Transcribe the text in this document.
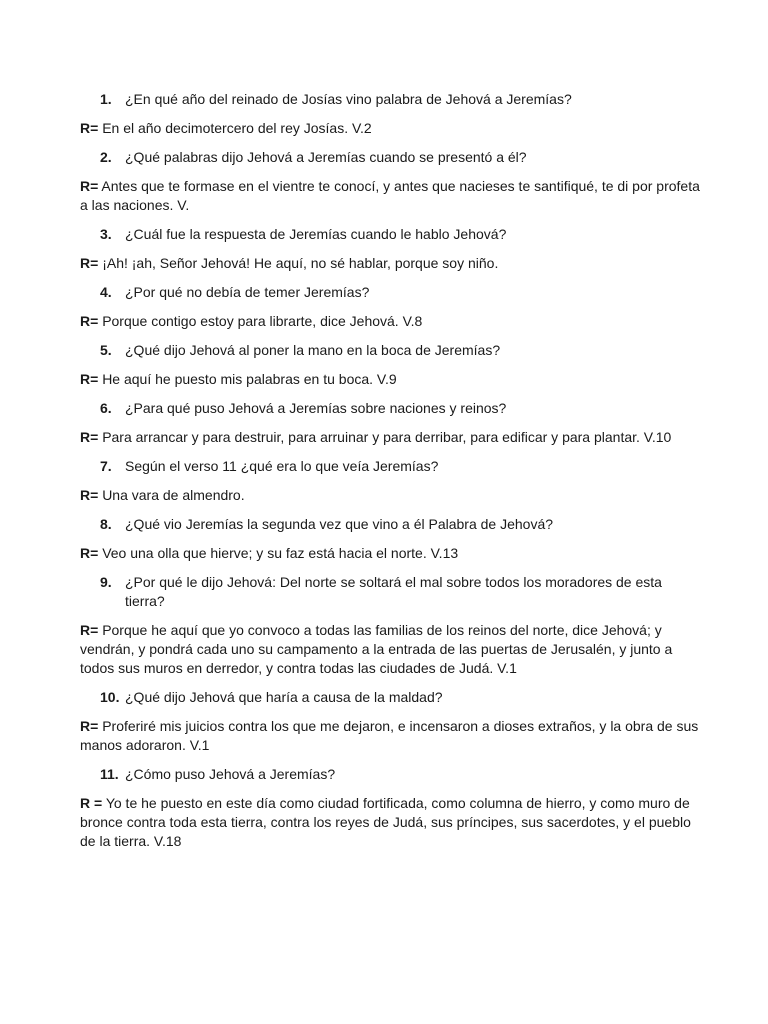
1. ¿En qué año del reinado de Josías vino palabra de Jehová a Jeremías?
R= En el año decimotercero del rey Josías. V.2
2. ¿Qué palabras dijo Jehová a Jeremías cuando se presentó a él?
R= Antes que te formase en el vientre te conocí, y antes que nacieses te santifiqué, te di por profeta a las naciones. V.
3. ¿Cuál fue la respuesta de Jeremías cuando le hablo Jehová?
R= ¡Ah! ¡ah, Señor Jehová! He aquí, no sé hablar, porque soy niño.
4. ¿Por qué no debía de temer Jeremías?
R= Porque contigo estoy para librarte, dice Jehová. V.8
5. ¿Qué dijo Jehová al poner la mano en la boca de Jeremías?
R= He aquí he puesto mis palabras en tu boca. V.9
6. ¿Para qué puso Jehová a Jeremías sobre naciones y reinos?
R= Para arrancar y para destruir, para arruinar y para derribar, para edificar y para plantar. V.10
7. Según el verso 11 ¿qué era lo que veía Jeremías?
R= Una vara de almendro.
8. ¿Qué vio Jeremías la segunda vez que vino a él Palabra de Jehová?
R= Veo una olla que hierve; y su faz está hacia el norte. V.13
9. ¿Por qué le dijo Jehová: Del norte se soltará el mal sobre todos los moradores de esta tierra?
R= Porque he aquí que yo convoco a todas las familias de los reinos del norte, dice Jehová; y vendrán, y pondrá cada uno su campamento a la entrada de las puertas de Jerusalén, y junto a todos sus muros en derredor, y contra todas las ciudades de Judá. V.1
10. ¿Qué dijo Jehová que haría a causa de la maldad?
R= Proferiré mis juicios contra los que me dejaron, e incensaron a dioses extraños, y la obra de sus manos adoraron. V.1
11. ¿Cómo puso Jehová a Jeremías?
R = Yo te he puesto en este día como ciudad fortificada, como columna de hierro, y como muro de bronce contra toda esta tierra, contra los reyes de Judá, sus príncipes, sus sacerdotes, y el pueblo de la tierra. V.18
